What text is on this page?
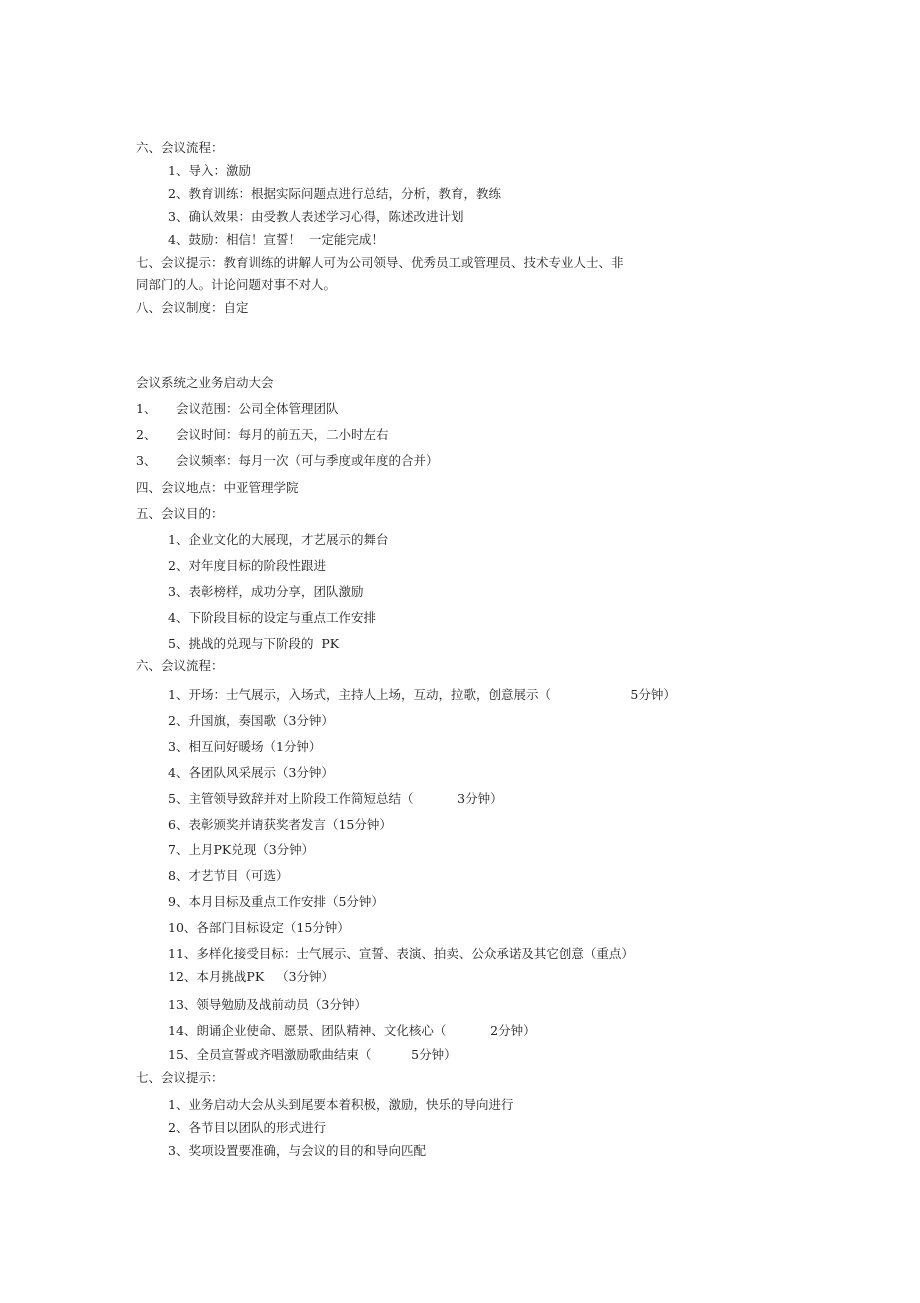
六、会议流程：
1、导入：激励
2、教育训练：根据实际问题点进行总结，分析，教育，教练
3、确认效果：由受教人表述学习心得，陈述改进计划
4、鼓励：相信！宣誓！  一定能完成！
七、会议提示：教育训练的讲解人可为公司领导、优秀员工或管理员、技术专业人士、非
同部门的人。计论问题对事不对人。
八、会议制度：自定
会议系统之业务启动大会
1、 会议范围：公司全体管理团队
2、 会议时间：每月的前五天，二小时左右
3、 会议频率：每月一次（可与季度或年度的合并）
四、会议地点：中亚管理学院
五、会议目的：
1、企业文化的大展现，才艺展示的舞台
2、对年度目标的阶段性跟进
3、表彰榜样，成功分享，团队激励
4、下阶段目标的设定与重点工作安排
5、挑战的兑现与下阶段的  PK
六、会议流程：
1、开场：士气展示，入场式，主持人上场，互动，拉歌，创意展示（                    5分钟）
2、升国旗，奏国歌（3分钟）
3、相互问好暖场（1分钟）
4、各团队风采展示（3分钟）
5、主管领导致辞并对上阶段工作简短总结（           3分钟）
6、表彰颁奖并请获奖者发言（15分钟）
7、上月PK兑现（3分钟）
8、才艺节目（可选）
9、本月目标及重点工作安排（5分钟）
10、各部门目标设定（15分钟）
11、多样化接受目标：士气展示、宣誓、表演、拍卖、公众承诺及其它创意（重点）
12、本月挑战PK   （3分钟）
13、领导勉励及战前动员（3分钟）
14、朗诵企业使命、愿景、团队精神、文化核心（           2分钟）
15、全员宣誓或齐唱激励歌曲结束（          5分钟）
七、会议提示：
1、业务启动大会从头到尾要本着积极，激励，快乐的导向进行
2、各节目以团队的形式进行
3、奖项设置要准确，与会议的目的和导向匹配
